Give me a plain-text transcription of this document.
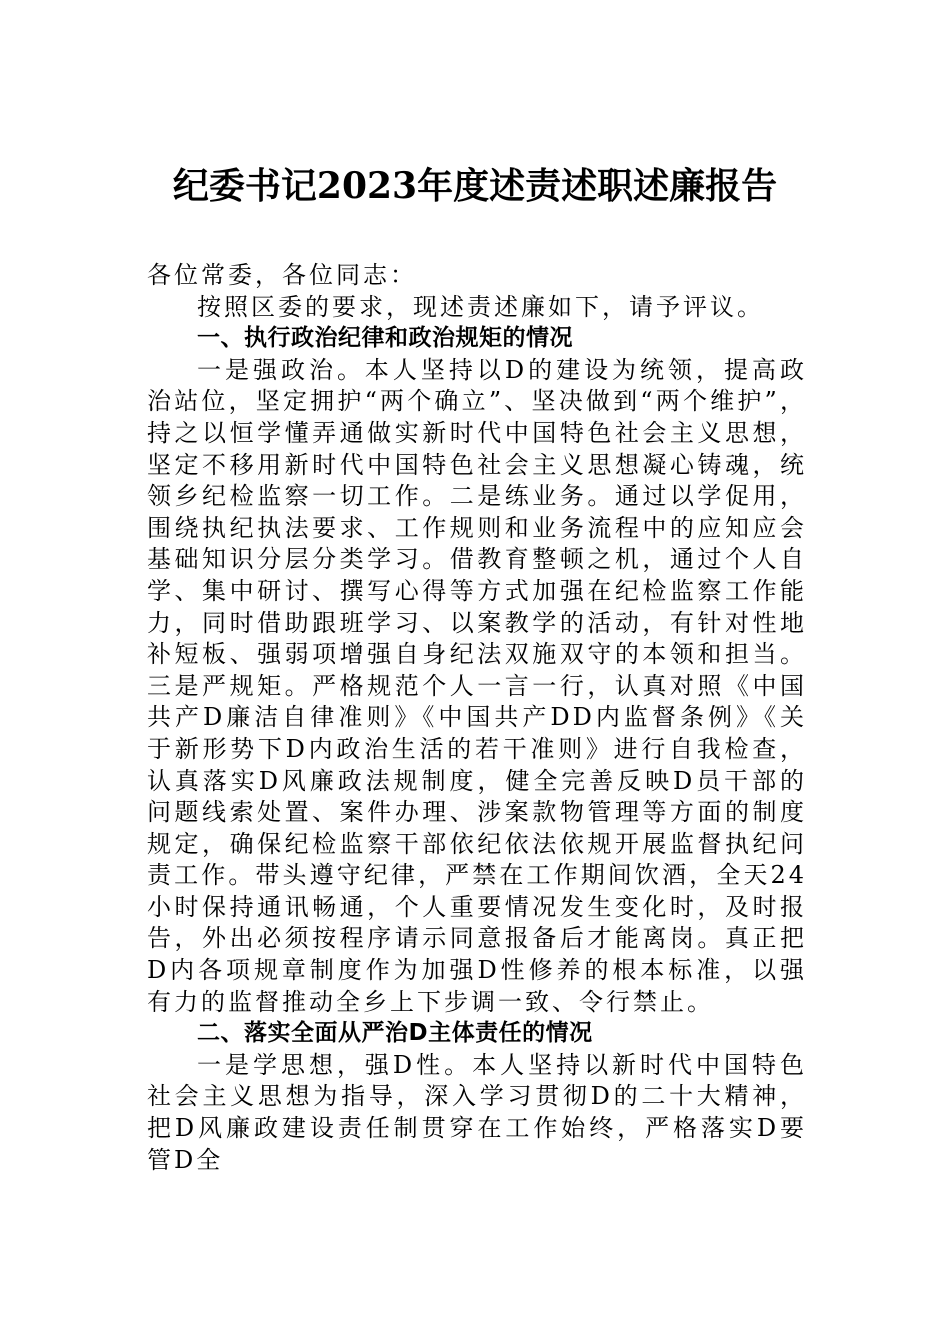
纪委书记2023年度述责述职述廉报告

各位常委，各位同志：

按照区委的要求，现述责述廉如下，请予评议。

一、执行政治纪律和政治规矩的情况

一是强政治。本人坚持以D的建设为统领，提高政治站位，坚定拥护“两个确立”、坚决做到“两个维护”，持之以恒学懂弄通做实新时代中国特色社会主义思想，坚定不移用新时代中国特色社会主义思想凝心铸魂，统领乡纪检监察一切工作。二是练业务。通过以学促用，围绕执纪执法要求、工作规则和业务流程中的应知应会基础知识分层分类学习。借教育整顿之机，通过个人自学、集中研讨、撰写心得等方式加强在纪检监察工作能力，同时借助跟班学习、以案教学的活动，有针对性地补短板、强弱项增强自身纪法双施双守的本领和担当。三是严规矩。严格规范个人一言一行，认真对照《中国共产D廉洁自律准则》《中国共产DD内监督条例》《关于新形势下D内政治生活的若干准则》进行自我检查，认真落实D风廉政法规制度，健全完善反映D员干部的问题线索处置、案件办理、涉案款物管理等方面的制度规定，确保纪检监察干部依纪依法依规开展监督执纪问责工作。带头遵守纪律，严禁在工作期间饮酒，全天24小时保持通讯畅通，个人重要情况发生变化时，及时报告，外出必须按程序请示同意报备后才能离岗。真正把D内各项规章制度作为加强D性修养的根本标准，以强有力的监督推动全乡上下步调一致、令行禁止。

二、落实全面从严治D主体责任的情况

一是学思想，强D性。本人坚持以新时代中国特色社会主义思想为指导，深入学习贯彻D的二十大精神，把D风廉政建设责任制贯穿在工作始终，严格落实D要管D全
